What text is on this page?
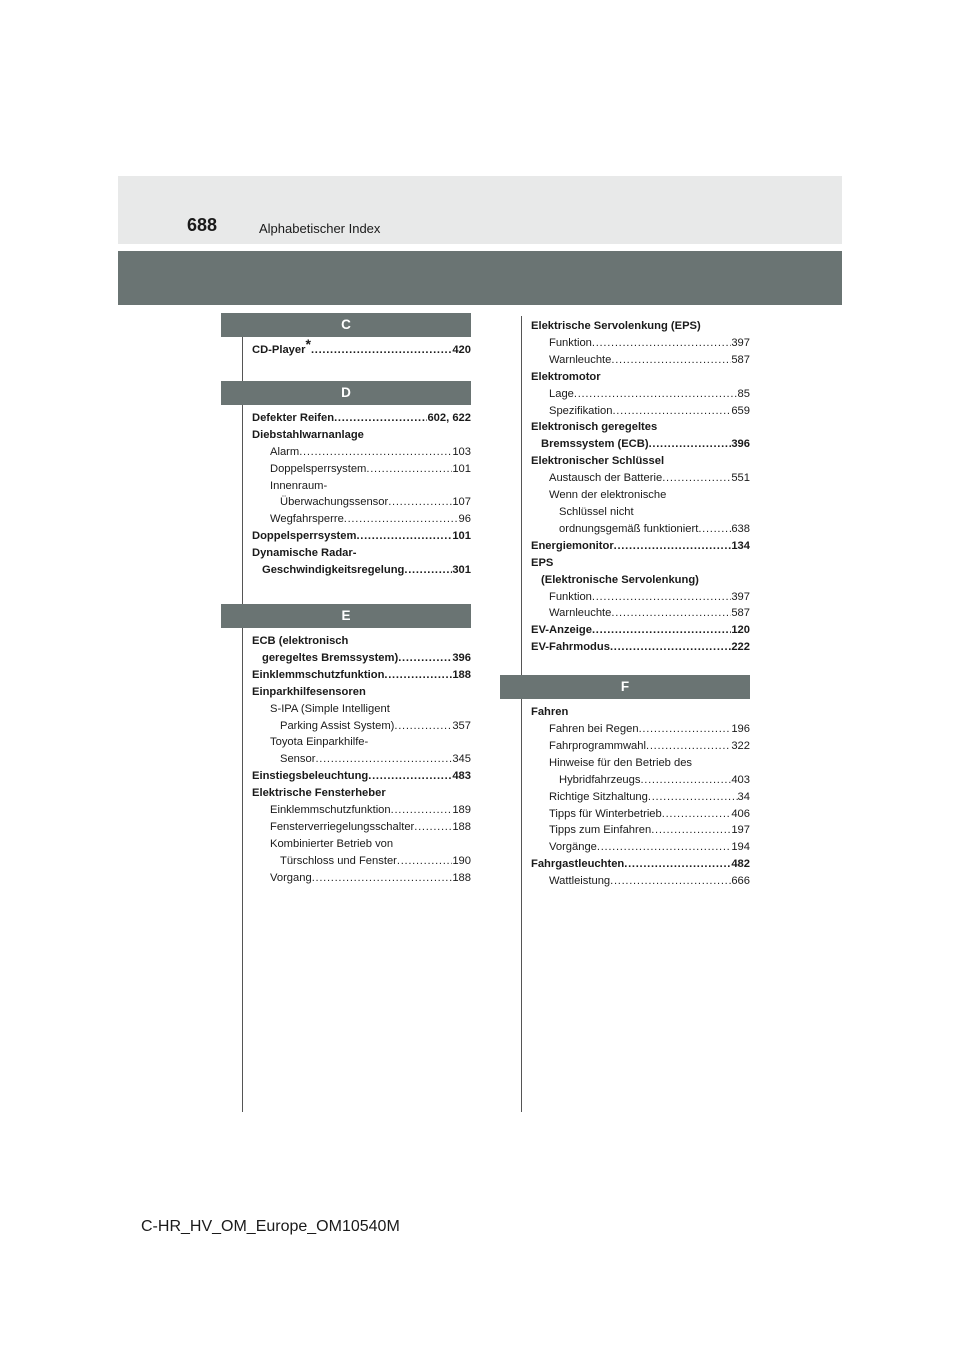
688	Alphabetischer Index
C
CD-Player* . . .	420
D
Defekter Reifen . . .	602, 622
Diebstahlwarnanlage
Alarm . . .	103
Doppelsperrsystem . . .	101
Innenraum-
Überwachungssensor . . .	107
Wegfahrsperre . . .	96
Doppelsperrsystem . . .	101
Dynamische Radar-
Geschwindigkeitsregelung . . .	301
E
ECB (elektronisch
geregeltes Bremssystem) . . .	396
Einklemmschutzfunktion . . .	188
Einparkhilfesensoren
S-IPA (Simple Intelligent
Parking Assist System) . . .	357
Toyota Einparkhilfe-
Sensor . . .	345
Einstiegsbeleuchtung . . .	483
Elektrische Fensterheber
Einklemmschutzfunktion . . .	189
Fensterverriegelungsschalter . . .	188
Kombinierter Betrieb von
Türschloss und Fenster . . .	190
Vorgang . . .	188
Elektrische Servolenkung (EPS)
Funktion . . .	397
Warnleuchte . . .	587
Elektromotor
Lage . . .	85
Spezifikation . . .	659
Elektronisch geregeltes
Bremssystem (ECB) . . .	396
Elektronischer Schlüssel
Austausch der Batterie . . .	551
Wenn der elektronische
Schlüssel nicht
ordnungsgemäß funktioniert . . .	638
Energiemonitor . . .	134
EPS
(Elektronische Servolenkung)
Funktion . . .	397
Warnleuchte . . .	587
EV-Anzeige . . .	120
EV-Fahrmodus . . .	222
F
Fahren
Fahren bei Regen . . .	196
Fahrprogrammwahl . . .	322
Hinweise für den Betrieb des
Hybridfahrzeugs . . .	403
Richtige Sitzhaltung . . .	34
Tipps für Winterbetrieb . . .	406
Tipps zum Einfahren . . .	197
Vorgänge . . .	194
Fahrgastleuchten . . .	482
Wattleistung . . .	666
C-HR_HV_OM_Europe_OM10540M
